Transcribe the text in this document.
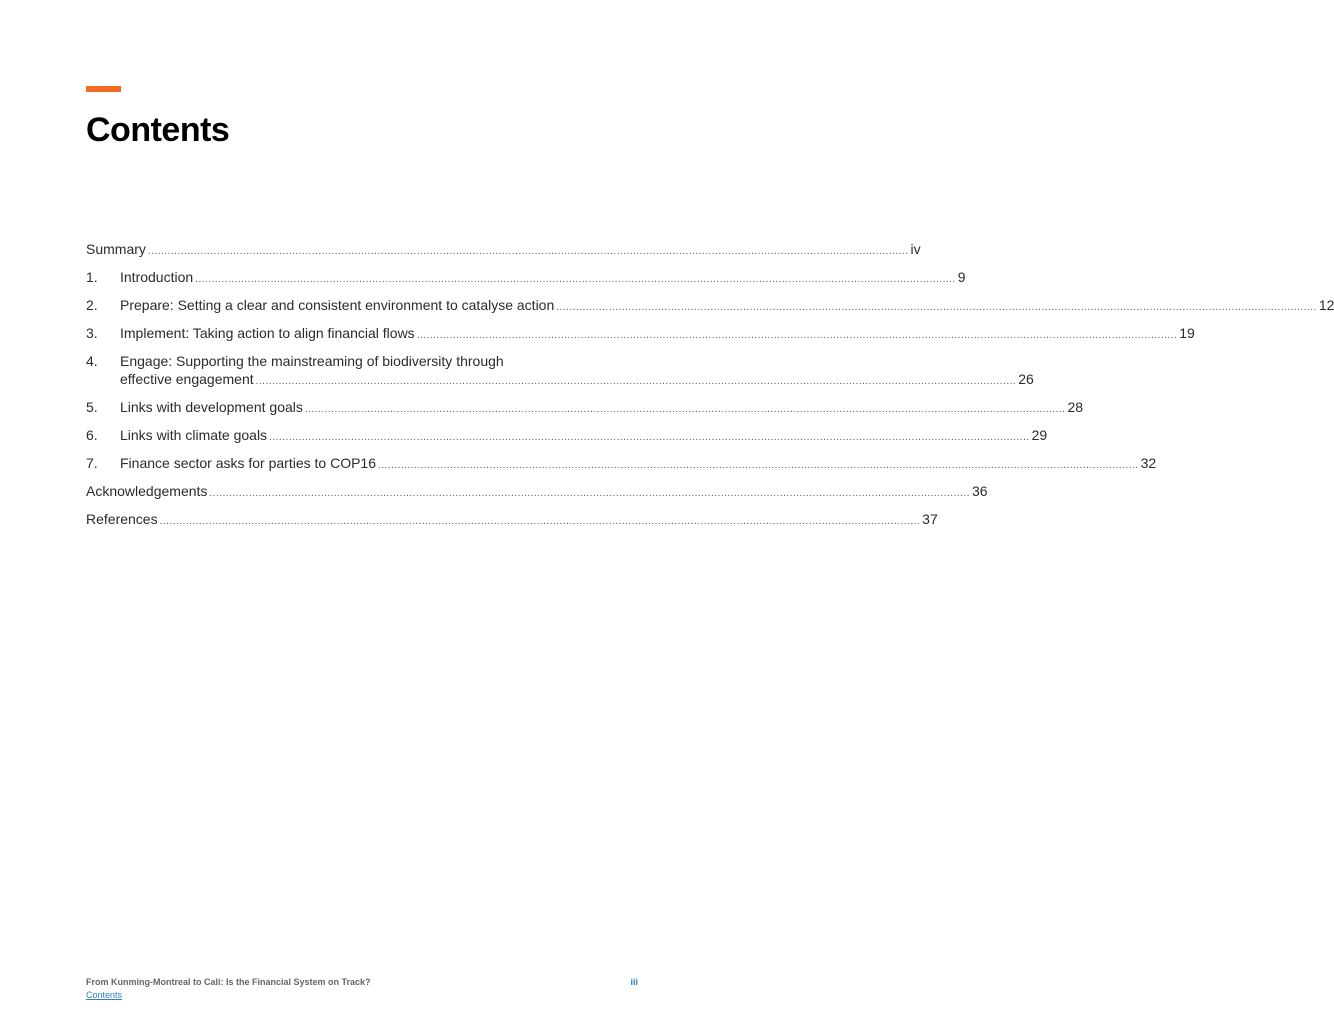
Contents
Summary .....	iv
1.	Introduction .....	9
2.	Prepare: Setting a clear and consistent environment to catalyse action .....	12
3.	Implement: Taking action to align financial flows .....	19
4.	Engage: Supporting the mainstreaming of biodiversity through
effective engagement .....	26
5.	Links with development goals .....	28
6.	Links with climate goals .....	29
7.	Finance sector asks for parties to COP16 .....	32
Acknowledgements .....	36
References .....	37
From Kunming-Montreal to Cali: Is the Financial System on Track?
Contents
iii
